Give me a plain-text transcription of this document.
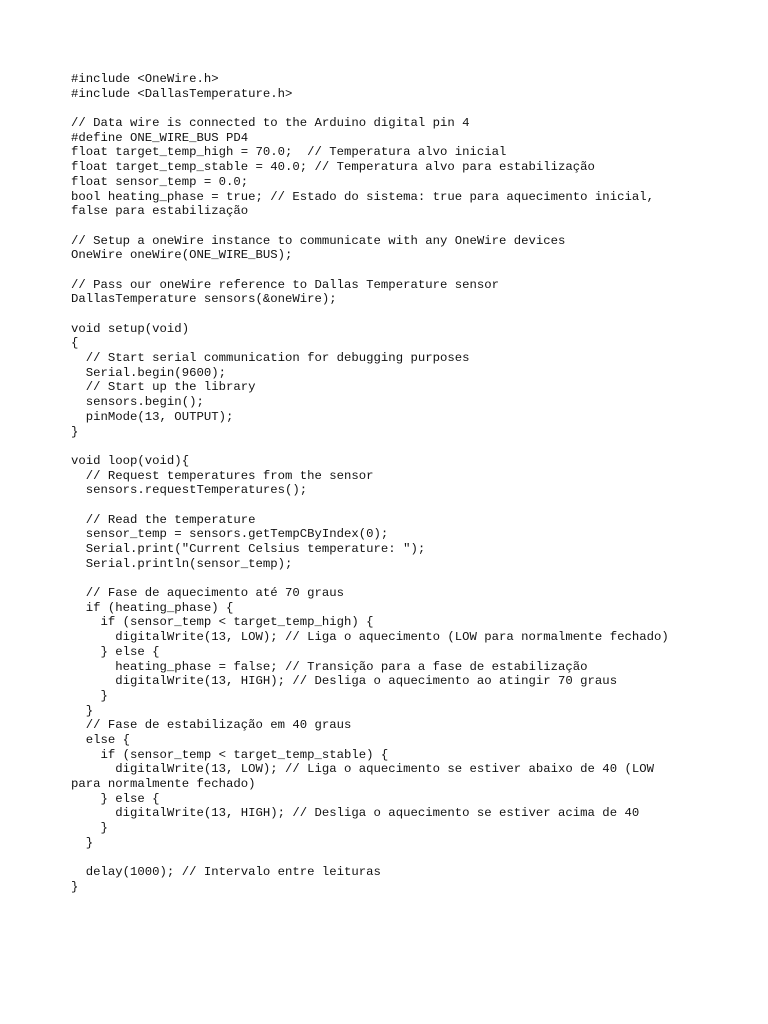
#include <OneWire.h>
#include <DallasTemperature.h>
// Data wire is connected to the Arduino digital pin 4
#define ONE_WIRE_BUS PD4
float target_temp_high = 70.0;  // Temperatura alvo inicial
float target_temp_stable = 40.0; // Temperatura alvo para estabilização
float sensor_temp = 0.0;
bool heating_phase = true; // Estado do sistema: true para aquecimento inicial,
false para estabilização
// Setup a oneWire instance to communicate with any OneWire devices
OneWire oneWire(ONE_WIRE_BUS);
// Pass our oneWire reference to Dallas Temperature sensor
DallasTemperature sensors(&oneWire);
void setup(void)
{
// Start serial communication for debugging purposes
Serial.begin(9600);
// Start up the library
sensors.begin();
pinMode(13, OUTPUT);
}
void loop(void){
// Request temperatures from the sensor
sensors.requestTemperatures();
// Read the temperature
sensor_temp = sensors.getTempCByIndex(0);
Serial.print("Current Celsius temperature: ");
Serial.println(sensor_temp);
// Fase de aquecimento até 70 graus
if (heating_phase) {
if (sensor_temp < target_temp_high) {
digitalWrite(13, LOW); // Liga o aquecimento (LOW para normalmente fechado)
} else {
heating_phase = false; // Transição para a fase de estabilização
digitalWrite(13, HIGH); // Desliga o aquecimento ao atingir 70 graus
}
}
// Fase de estabilização em 40 graus
else {
if (sensor_temp < target_temp_stable) {
digitalWrite(13, LOW); // Liga o aquecimento se estiver abaixo de 40 (LOW
para normalmente fechado)
} else {
digitalWrite(13, HIGH); // Desliga o aquecimento se estiver acima de 40
}
}
delay(1000); // Intervalo entre leituras
}
